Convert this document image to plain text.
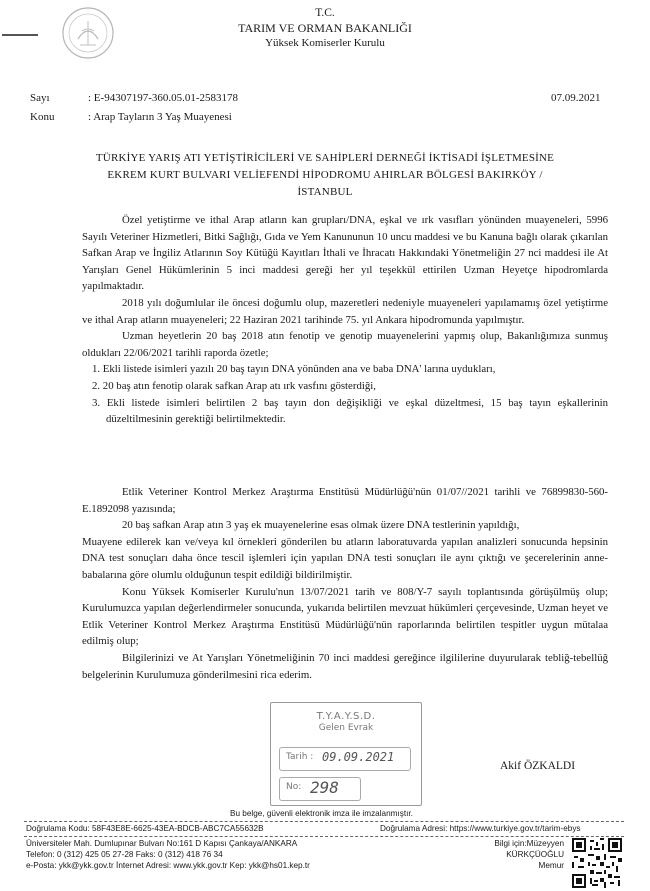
T.C.
TARIM VE ORMAN BAKANLIĞI
Yüksek Komiserler Kurulu
Sayı	: E-94307197-360.05.01-2583178	07.09.2021
Konu	: Arap Tayların 3 Yaş Muayenesi
TÜRKİYE YARIŞ ATI YETİŞTİRİCİLERİ VE SAHİPLERİ DERNEĞİ İKTİSADİ İŞLETMESİNE
EKREM KURT BULVARI VELİEFENDİ HİPODROMU AHIRLAR BÖLGESİ BAKIRKÖY /
İSTANBUL

Özel yetiştirme ve ithal Arap atların kan grupları/DNA, eşkal ve ırk vasıfları yönünden muayeneleri, 5996 Sayılı Veteriner Hizmetleri, Bitki Sağlığı, Gıda ve Yem Kanununun 10 uncu maddesi ve bu Kanuna bağlı olarak çıkarılan Safkan Arap ve İngiliz Atlarının Soy Kütüğü Kayıtları İthali ve İhracatı Hakkındaki Yönetmeliğin 27 nci maddesi ile At Yarışları Genel Hükümlerinin 5 inci maddesi gereği her yıl teşekkül ettirilen Uzman Heyetçe hipodromlarda yapılmaktadır.

2018 yılı doğumlular ile öncesi doğumlu olup, mazeretleri nedeniyle muayeneleri yapılamamış özel yetiştirme ve ithal Arap atların muayeneleri; 22 Haziran 2021 tarihinde 75. yıl Ankara hipodromunda yapılmıştır.

Uzman heyetlerin 20 baş 2018 atın fenotip ve genotip muayenelerini yapmış olup, Bakanlığımıza sunmuş oldukları 22/06/2021 tarihli raporda özetle;

1. Ekli listede isimleri yazılı 20 baş tayın DNA yönünden ana ve baba DNA' larına uydukları,
2. 20 baş atın fenotip olarak safkan Arap atı ırk vasfını gösterdiği,
3. Ekli listede isimleri belirtilen 2 baş tayın don değişikliği ve eşkal düzeltmesi, 15 baş tayın eşkallerinin düzeltilmesinin gerektiği belirtilmektedir.

Etlik Veteriner Kontrol Merkez Araştırma Enstitüsü Müdürlüğü'nün 01/07//2021 tarihli ve 76899830-560-E.1892098 yazısında;

20 baş safkan Arap atın 3 yaş ek muayenelerine esas olmak üzere DNA testlerinin yapıldığı,

Muayene edilerek kan ve/veya kıl örnekleri gönderilen bu atların laboratuvarda yapılan analizleri sonucunda hepsinin DNA test sonuçları daha önce tescil işlemleri için yapılan DNA testi sonuçları ile aynı çıktığı ve şecerelerinin anne-babalarına göre olumlu olduğunun tespit edildiği bildirilmiştir.

Konu Yüksek Komiserler Kurulu'nun 13/07/2021 tarih ve 808/Y-7 sayılı toplantısında görüşülmüş olup; Kurulumuzca yapılan değerlendirmeler sonucunda, yukarıda belirtilen mevzuat hükümleri çerçevesinde, Uzman heyet ve Etlik Veteriner Kontrol Merkez Araştırma Enstitüsü Müdürlüğü'nün raporlarında belirtilen tespitler uygun mütalaa edilmiş olup;

Bilgilerinizi ve At Yarışları Yönetmeliğinin 70 inci maddesi gereğince ilgililerine duyurularak tebliğ-tebellüğ belgelerinin Kurulumuza gönderilmesini rica ederim.

T.Y.A.Y.S.D.
Gelen Evrak
Tarih : 09.09.2021
No: 298
Akif ÖZKALDI
Bu belge, güvenli elektronik imza ile imzalanmıştır.
Doğrulama Kodu: 58F43E8E-6625-43EA-BDCB-ABC7CA55632B	Doğrulama Adresi: https://www.turkiye.gov.tr/tarim-ebys
Üniversiteler Mah. Dumlupınar Bulvarı No:161 D Kapısı Çankaya/ANKARA
Telefon: 0 (312) 425 05 27-28 Faks: 0 (312) 418 76 34
e-Posta: ykk@ykk.gov.tr İnternet Adresi: www.ykk.gov.tr Kep: ykk@hs01.kep.tr
Bilgi için:Müzeyyen
KÜRKÇÜOĞLU
Memur
